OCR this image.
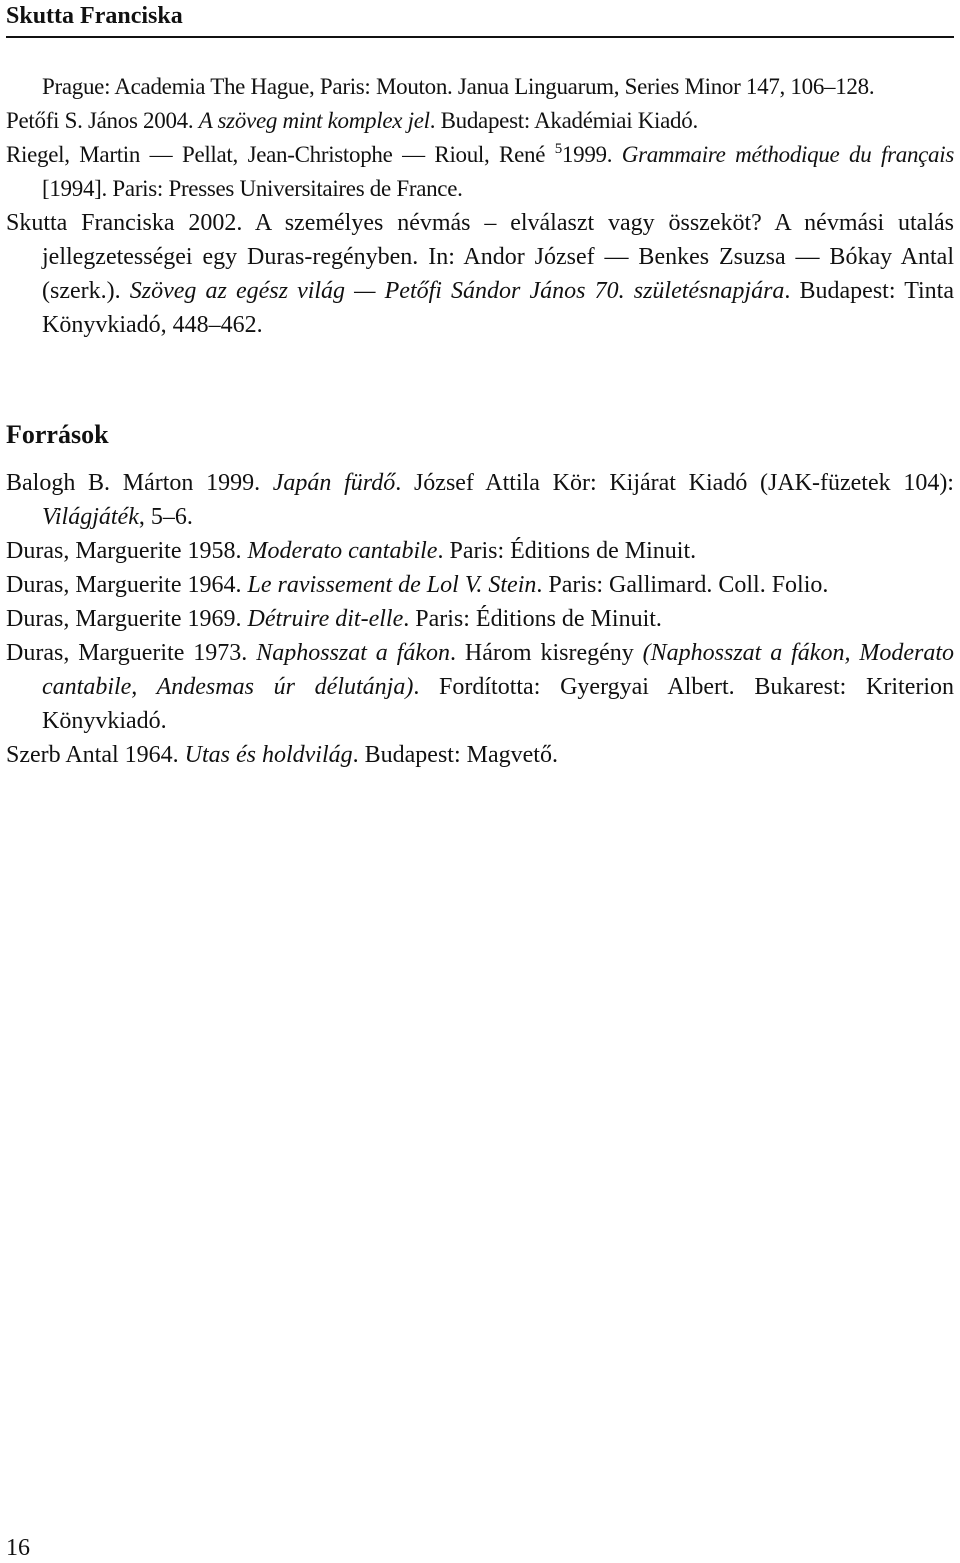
Skutta Franciska

Prague: Academia The Hague, Paris: Mouton. Janua Linguarum, Series Minor 147, 106–128.

Petőfi S. János 2004. A szöveg mint komplex jel. Budapest: Akadémiai Kiadó.

Riegel, Martin — Pellat, Jean-Christophe — Rioul, René $^5$1999. Grammaire méthodique du français [1994]. Paris: Presses Universitaires de France.

Skutta Franciska 2002. A személyes névmás – elválaszt vagy összeköt? A névmási utalás jellegzetességei egy Duras-regényben. In: Andor József — Benkes Zsuzsa — Bókay Antal (szerk.). Szöveg az egész világ — Petőfi Sándor János 70. születésnapjára. Budapest: Tinta Könyvkiadó, 448–462.

Források

Balogh B. Márton 1999. Japán fürdő. József Attila Kör: Kijárat Kiadó (JAK-füzetek 104): Világjáték, 5–6.

Duras, Marguerite 1958. Moderato cantabile. Paris: Éditions de Minuit.

Duras, Marguerite 1964. Le ravissement de Lol V. Stein. Paris: Gallimard. Coll. Folio.

Duras, Marguerite 1969. Détruire dit-elle. Paris: Éditions de Minuit.

Duras, Marguerite 1973. Naphosszat a fákon. Három kisregény (Naphosszat a fákon, Moderato cantabile, Andesmas úr délutánja). Fordította: Gyergyai Albert. Bukarest: Kriterion Könyvkiadó.

Szerb Antal 1964. Utas és holdvilág. Budapest: Magvető.

16
